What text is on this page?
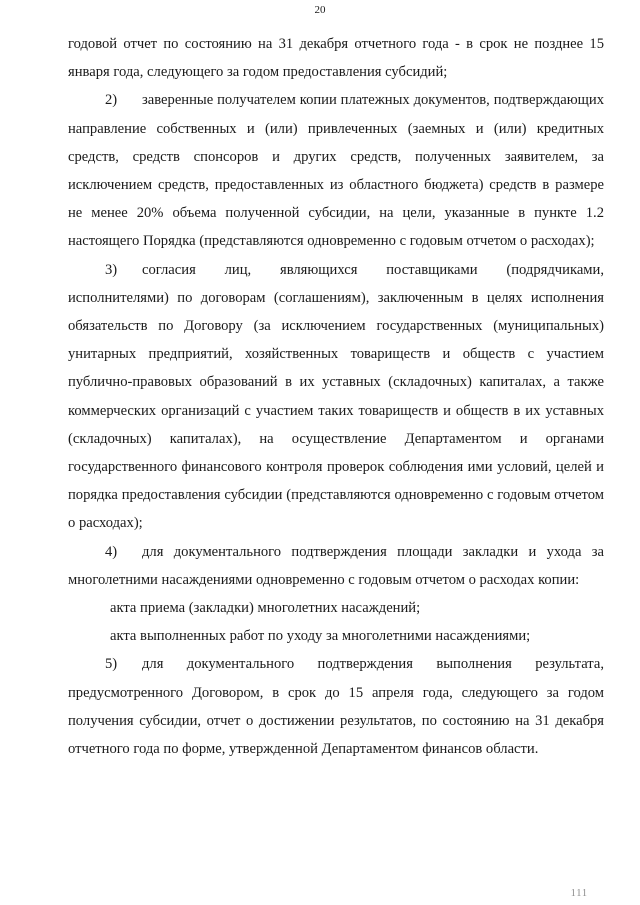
20

годовой отчет по состоянию на 31 декабря отчетного года - в срок не позднее 15 января года, следующего за годом предоставления субсидий;

2) заверенные получателем копии платежных документов, подтверждающих направление собственных и (или) привлеченных (заемных и (или) кредитных средств, средств спонсоров и других средств, полученных заявителем, за исключением средств, предоставленных из областного бюджета) средств в размере не менее 20% объема полученной субсидии, на цели, указанные в пункте 1.2 настоящего Порядка (представляются одновременно с годовым отчетом о расходах);

3) согласия лиц, являющихся поставщиками (подрядчиками, исполнителями) по договорам (соглашениям), заключенным в целях исполнения обязательств по Договору (за исключением государственных (муниципальных) унитарных предприятий, хозяйственных товариществ и обществ с участием публично-правовых образований в их уставных (складочных) капиталах, а также коммерческих организаций с участием таких товариществ и обществ в их уставных (складочных) капиталах), на осуществление Департаментом и органами государственного финансового контроля проверок соблюдения ими условий, целей и порядка предоставления субсидии (представляются одновременно с годовым отчетом о расходах);

4) для документального подтверждения площади закладки и ухода за многолетними насаждениями одновременно с годовым отчетом о расходах копии:

акта приема (закладки) многолетних насаждений;

акта выполненных работ по уходу за многолетними насаждениями;

5) для документального подтверждения выполнения результата, предусмотренного Договором, в срок до 15 апреля года, следующего за годом получения субсидии, отчет о достижении результатов, по состоянию на 31 декабря отчетного года по форме, утвержденной Департаментом финансов области.

111
